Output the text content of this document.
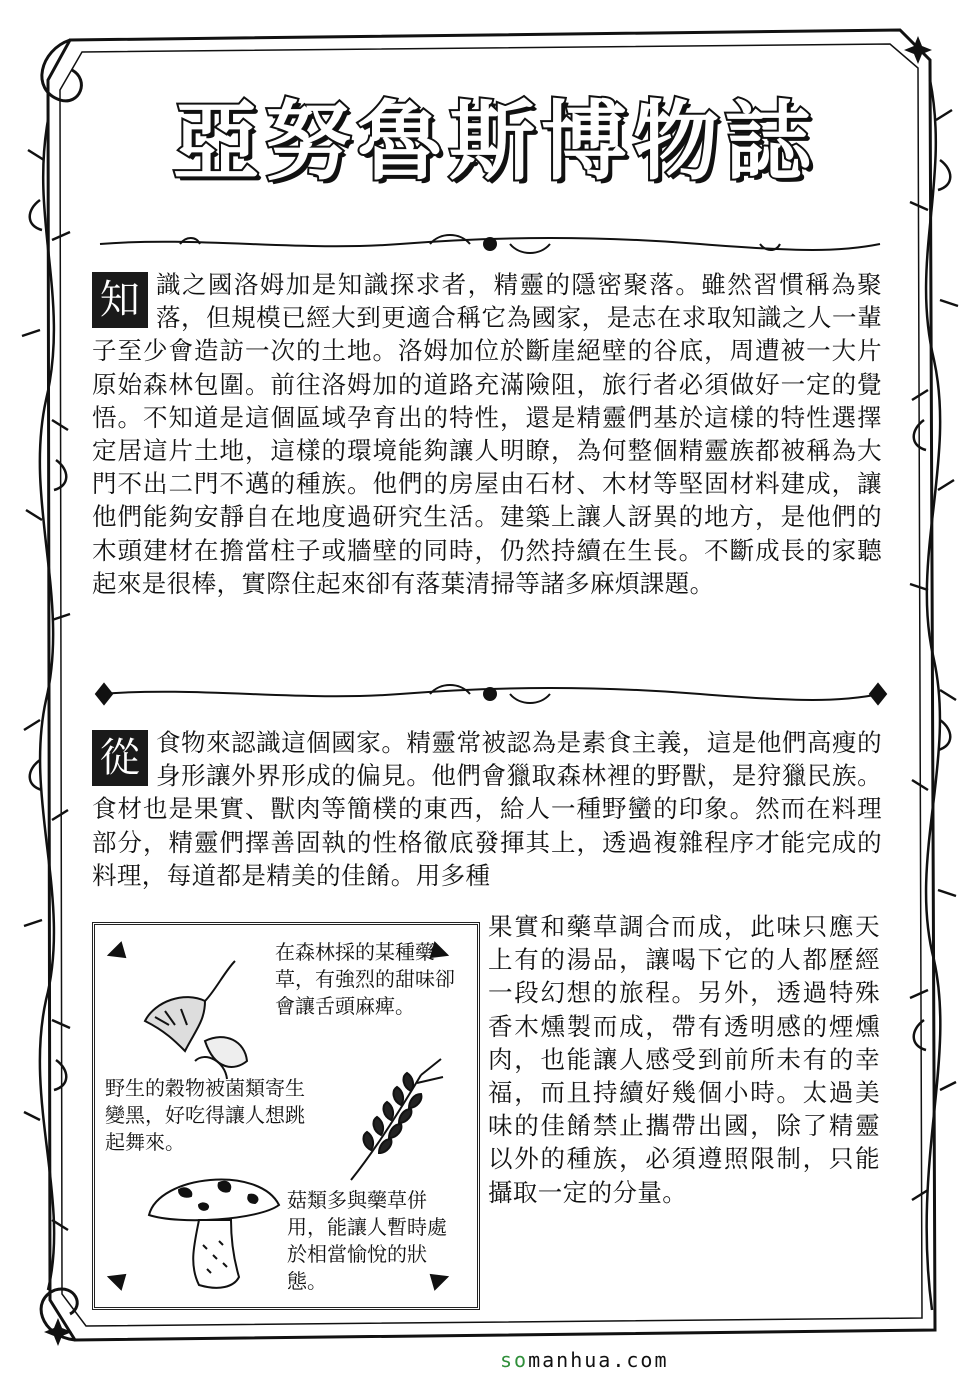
亞努魯斯博物誌

知 識之國洛姆加是知識探求者，精靈的隱密聚落。雖然習慣稱為聚落，但規模已經大到更適合稱它為國家，是志在求取知識之人一輩子至少會造訪一次的土地。洛姆加位於斷崖絕壁的谷底，周遭被一大片原始森林包圍。前往洛姆加的道路充滿險阻，旅行者必須做好一定的覺悟。不知道是這個區域孕育出的特性，還是精靈們基於這樣的特性選擇定居這片土地，這樣的環境能夠讓人明瞭，為何整個精靈族都被稱為大門不出二門不邁的種族。他們的房屋由石材、木材等堅固材料建成，讓他們能夠安靜自在地度過研究生活。建築上讓人訝異的地方，是他們的木頭建材在擔當柱子或牆壁的同時，仍然持續在生長。不斷成長的家聽起來是很棒，實際住起來卻有落葉清掃等諸多麻煩課題。

從 食物來認識這個國家。精靈常被認為是素食主義，這是他們高瘦的身形讓外界形成的偏見。他們會獵取森林裡的野獸，是狩獵民族。食材也是果實、獸肉等簡樸的東西，給人一種野蠻的印象。然而在料理部分，精靈們擇善固執的性格徹底發揮其上，透過複雜程序才能完成的料理，每道都是精美的佳餚。用多種

果實和藥草調合而成，此味只應天上有的湯品，讓喝下它的人都歷經一段幻想的旅程。另外，透過特殊香木燻製而成，帶有透明感的煙燻肉，也能讓人感受到前所未有的幸福，而且持續好幾個小時。太過美味的佳餚禁止攜帶出國，除了精靈以外的種族，必須遵照限制，只能攝取一定的分量。

在森林採的某種藥草，有強烈的甜味卻會讓舌頭麻痺。

野生的穀物被菌類寄生變黑，好吃得讓人想跳起舞來。

菇類多與藥草併用，能讓人暫時處於相當愉悅的狀態。

somanhua.com
